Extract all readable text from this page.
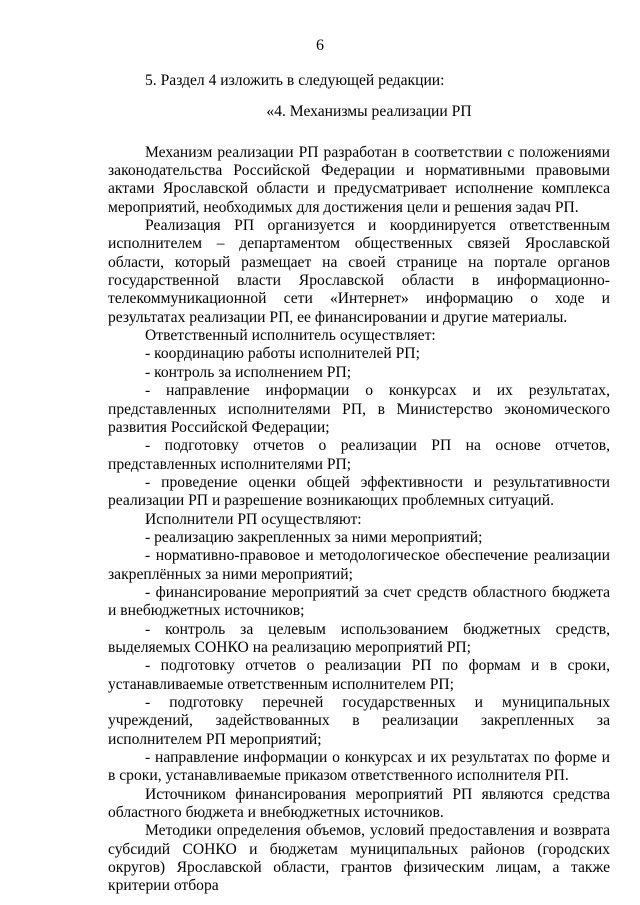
6

5. Раздел 4 изложить в следующей редакции:

«4. Механизмы реализации РП

Механизм реализации РП разработан в соответствии с положениями законодательства Российской Федерации и нормативными правовыми актами Ярославской области и предусматривает исполнение комплекса мероприятий, необходимых для достижения цели и решения задач РП.

Реализация РП организуется и координируется ответственным исполнителем – департаментом общественных связей Ярославской области, который размещает на своей странице на портале органов государственной власти Ярославской области в информационно-телекоммуникационной сети «Интернет» информацию о ходе и результатах реализации РП, ее финансировании и другие материалы.

Ответственный исполнитель осуществляет:

- координацию работы исполнителей РП;

- контроль за исполнением РП;

- направление информации о конкурсах и их результатах, представленных исполнителями РП, в Министерство экономического развития Российской Федерации;

- подготовку отчетов о реализации РП на основе отчетов, представленных исполнителями РП;

- проведение оценки общей эффективности и результативности реализации РП и разрешение возникающих проблемных ситуаций.

Исполнители РП осуществляют:

- реализацию закрепленных за ними мероприятий;

- нормативно-правовое и методологическое обеспечение реализации закреплённых за ними мероприятий;

- финансирование мероприятий за счет средств областного бюджета и внебюджетных источников;

- контроль за целевым использованием бюджетных средств, выделяемых СОНКО на реализацию мероприятий РП;

- подготовку отчетов о реализации РП по формам и в сроки, устанавливаемые ответственным исполнителем РП;

- подготовку перечней государственных и муниципальных учреждений, задействованных в реализации закрепленных за исполнителем РП мероприятий;

- направление информации о конкурсах и их результатах по форме и в сроки, устанавливаемые приказом ответственного исполнителя РП.

Источником финансирования мероприятий РП являются средства областного бюджета и внебюджетных источников.

Методики определения объемов, условий предоставления и возврата субсидий СОНКО и бюджетам муниципальных районов (городских округов) Ярославской области, грантов физическим лицам, а также критерии отбора
